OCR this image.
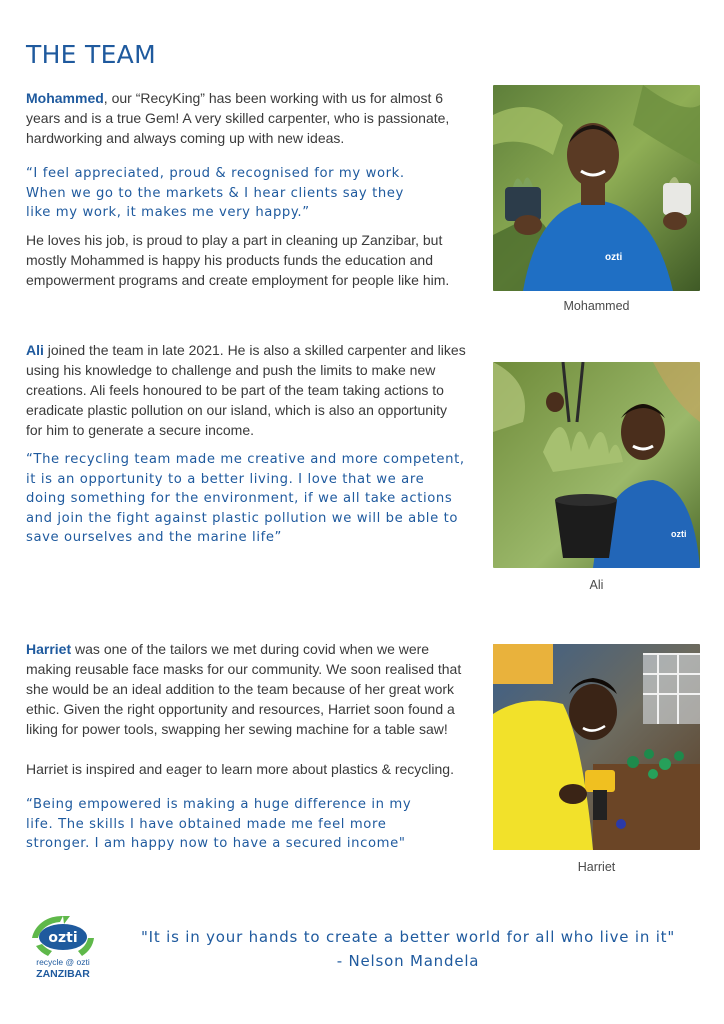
THE TEAM
Mohammed, our “RecyKing” has been working with us for almost 6 years and is a true Gem! A very skilled carpenter, who is passionate, hardworking and always coming up with new ideas.
“I feel appreciated, proud & recognised for my work. When we go to the markets & I hear clients say they like my work, it makes me very happy.”
He loves his job, is proud to play a part in cleaning up Zanzibar, but mostly Mohammed is happy his products funds the education and empowerment programs and create employment for people like him.
ozti
Mohammed
Ali joined the team in late 2021. He is also a skilled carpenter and likes using his knowledge to challenge and push the limits to make new creations. Ali feels honoured to be part of the team taking actions to eradicate plastic pollution on our island, which is also an opportunity for him to generate a secure income.
“The recycling team made me creative and more competent, it is an opportunity to a better living. I love that we are doing something for the environment, if we all take actions and join the fight against plastic pollution we will be able to save ourselves and the marine life”	ozti
Ali
Harriet was one of the tailors we met during covid when we were making reusable face masks for our community. We soon realised that she would be an ideal addition to the team because of her great work ethic. Given the right opportunity and resources, Harriet soon found a liking for power tools, swapping her sewing machine for a table saw!
Harriet is inspired and eager to learn more about plastics & recycling.
“Being empowered is making a huge difference in my life. The skills I have obtained made me feel more stronger. I am happy now to have a secured income"
Harriet
ozti
recycle @ ozti
ZANZIBAR
"It is in your hands to create a better world for all who live in it"
- Nelson Mandela
